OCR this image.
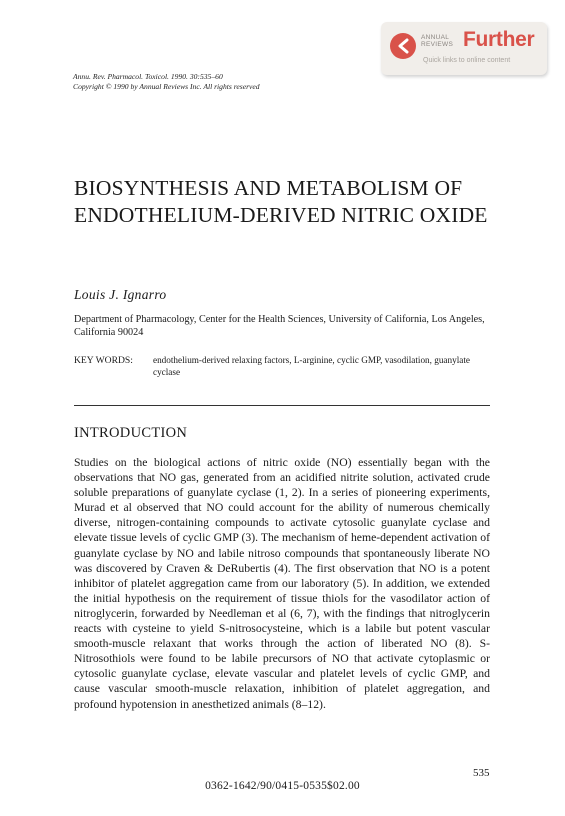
ANNUAL REVIEWS Further
Quick links to online content
Annu. Rev. Pharmacol. Toxicol. 1990. 30:535–60
Copyright © 1990 by Annual Reviews Inc. All rights reserved
BIOSYNTHESIS AND METABOLISM OF ENDOTHELIUM-DERIVED NITRIC OXIDE
Louis J. Ignarro
Department of Pharmacology, Center for the Health Sciences, University of California, Los Angeles, California 90024
KEY WORDS: endothelium-derived relaxing factors, L-arginine, cyclic GMP, vasodilation, guanylate cyclase
INTRODUCTION
Studies on the biological actions of nitric oxide (NO) essentially began with the observations that NO gas, generated from an acidified nitrite solution, activated crude soluble preparations of guanylate cyclase (1, 2). In a series of pioneering experiments, Murad et al observed that NO could account for the ability of numerous chemically diverse, nitrogen-containing compounds to activate cytosolic guanylate cyclase and elevate tissue levels of cyclic GMP (3). The mechanism of heme-dependent activation of guanylate cyclase by NO and labile nitroso compounds that spontaneously liberate NO was discovered by Craven & DeRubertis (4). The first observation that NO is a potent inhibitor of platelet aggregation came from our laboratory (5). In addition, we extended the initial hypothesis on the requirement of tissue thiols for the vasodilator action of nitroglycerin, forwarded by Needleman et al (6, 7), with the findings that nitroglycerin reacts with cysteine to yield S-nitrosocysteine, which is a labile but potent vascular smooth-muscle relaxant that works through the action of liberated NO (8). S-Nitrosothiols were found to be labile precursors of NO that activate cytoplasmic or cytosolic guanylate cyclase, elevate vascular and platelet levels of cyclic GMP, and cause vascular smooth-muscle relaxation, inhibition of platelet aggregation, and profound hypotension in anesthetized animals (8–12).
535
0362-1642/90/0415-0535$02.00
